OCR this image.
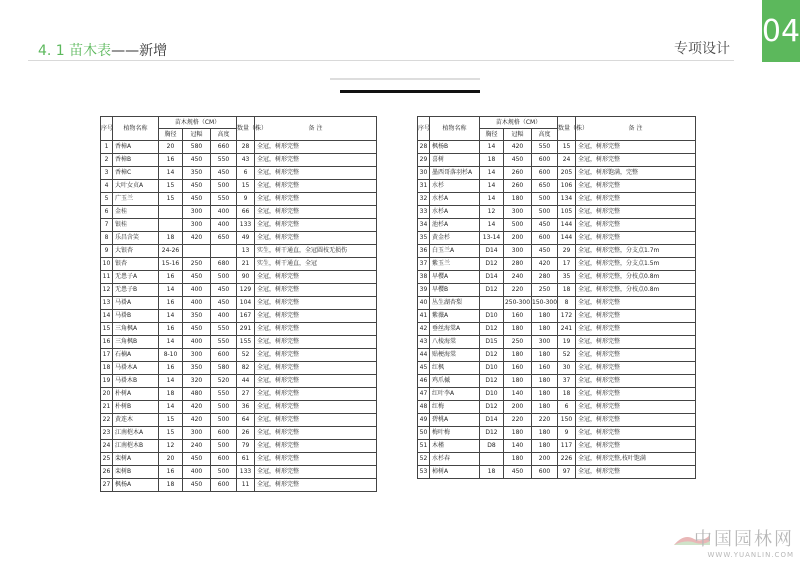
4. 1 苗木表——新增	专项设计
04
序号	植物名称	苗木规格（CM）			数量（株）	备 注
		胸径	冠幅	高度		
1	香樟A	20	580	660	28	全冠，树形完整
2	香樟B	16	450	550	43	全冠，树形完整
3	香樟C	14	350	450	6	全冠，树形完整
4	大叶女贞A	15	450	500	15	全冠，树形完整
5	广玉兰	15	450	550	9	全冠，树形完整
6	金桂		300	400	66	全冠，树形完整
7	银桂		300	400	133	全冠，树形完整
8	乐昌含笑	18	420	650	49	全冠，树形完整
9	大银杏	24-26			13	实生，树干通直，全冠圆枝无损伤
10	银杏	15-16	250	680	21	实生，树干通直，全冠
11	无患子A	16	450	500	90	全冠，树形完整
12	无患子B	14	400	450	129	全冠，树形完整
13	马褂A	16	400	450	104	全冠，树形完整
14	马褂B	14	350	400	167	全冠，树形完整
15	三角枫A	16	450	550	291	全冠，树形完整
16	三角枫B	14	400	550	155	全冠，树形完整
17	石楠A	8-10	300	600	52	全冠，树形完整
18	马褂木A	16	350	580	82	全冠，树形完整
19	马褂木B	14	320	520	44	全冠，树形完整
20	朴树A	18	480	550	27	全冠，树形完整
21	朴树B	14	420	500	36	全冠，树形完整
22	黄连木	15	420	500	64	全冠，树形完整
23	江南桤木A	15	300	600	26	全冠，树形完整
24	江南桤木B	12	240	500	79	全冠，树形完整
25	栾树A	20	450	600	61	全冠，树形完整
26	栾树B	16	400	500	133	全冠，树形完整
27	枫杨A	18	450	600	11	全冠，树形完整
序号	植物名称	苗木规格（CM）			数量（株）	备 注
		胸径	冠幅	高度		
28	枫杨B	14	420	550	15	全冠，树形完整
29	喜树	18	450	600	24	全冠，树形完整
30	墨西哥落羽杉A	14	260	600	205	全冠，树形饱满，完整
31	水杉	14	260	650	106	全冠，树形完整
32	水杉A	14	180	500	134	全冠，树形完整
33	水杉A	12	300	500	105	全冠，树形完整
34	池杉A	14	500	450	144	全冠，树形完整
35	黄金杉	13-14	200	600	144	全冠，树形完整
36	白玉兰A	D14	300	450	29	全冠，树形完整，分支点1.7m
37	紫玉兰	D12	280	420	17	全冠，树形完整，分支点1.5m
38	早樱A	D14	240	280	35	全冠，树形完整，分枝点0.8m
39	早樱B	D12	220	250	18	全冠，树形完整，分枝点0.8m
40	丛生湖杏梨		250-300	150-300	8	全冠，树形完整
41	紫薇A	D10	160	180	172	全冠，树形完整
42	垂丝海棠A	D12	180	180	241	全冠，树形完整
43	八棱海棠	D15	250	300	19	全冠，树形完整
44	贴梗海棠	D12	180	180	52	全冠，树形完整
45	红枫	D10	160	160	30	全冠，树形完整
46	鸡爪槭	D12	180	180	37	全冠，树形完整
47	红叶李A	D10	140	180	18	全冠，树形完整
48	红梅	D12	200	180	6	全冠，树形完整
49	碧桃A	D14	220	220	150	全冠，树形完整
50	梅叶梅	D12	180	180	9	全冠，树形完整
51	木槿	D8	140	180	117	全冠，树形完整
52	水杉春		180	200	226	全冠，树形完整,枝叶饱满
53	柿树A	18	450	600	97	全冠，树形完整
中国园林网
WWW.YUANLIN.COM
